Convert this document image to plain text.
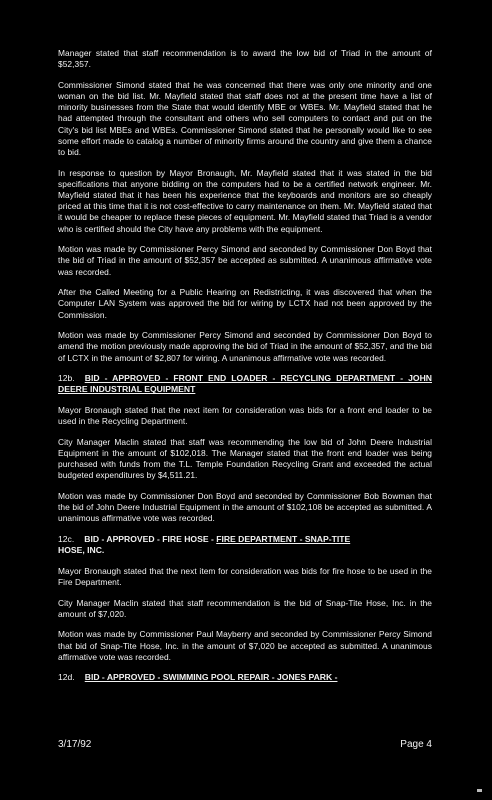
Manager stated that staff recommendation is to award the low bid of Triad in the amount of $52,357.

Commissioner Simond stated that he was concerned that there was only one minority and one woman on the bid list. Mr. Mayfield stated that staff does not at the present time have a list of minority businesses from the State that would identify MBE or WBEs. Mr. Mayfield stated that he had attempted through the consultant and others who sell computers to contact and put on the City's bid list MBEs and WBEs. Commissioner Simond stated that he personally would like to see some effort made to catalog a number of minority firms around the country and give them a chance to bid.

In response to question by Mayor Bronaugh, Mr. Mayfield stated that it was stated in the bid specifications that anyone bidding on the computers had to be a certified network engineer. Mr. Mayfield stated that it has been his experience that the keyboards and monitors are so cheaply priced at this time that it is not cost-effective to carry maintenance on them. Mr. Mayfield stated that it would be cheaper to replace these pieces of equipment. Mr. Mayfield stated that Triad is a vendor who is certified should the City have any problems with the equipment.

Motion was made by Commissioner Percy Simond and seconded by Commissioner Don Boyd that the bid of Triad in the amount of $52,357 be accepted as submitted. A unanimous affirmative vote was recorded.

After the Called Meeting for a Public Hearing on Redistricting, it was discovered that when the Computer LAN System was approved the bid for wiring by LCTX had not been approved by the Commission.

Motion was made by Commissioner Percy Simond and seconded by Commissioner Don Boyd to amend the motion previously made approving the bid of Triad in the amount of $52,357, and the bid of LCTX in the amount of $2,807 for wiring. A unanimous affirmative vote was recorded.

12b. BID - APPROVED - FRONT END LOADER - RECYCLING DEPARTMENT - JOHN DEERE INDUSTRIAL EQUIPMENT

Mayor Bronaugh stated that the next item for consideration was bids for a front end loader to be used in the Recycling Department.

City Manager Maclin stated that staff was recommending the low bid of John Deere Industrial Equipment in the amount of $102,018. The Manager stated that the front end loader was being purchased with funds from the T.L. Temple Foundation Recycling Grant and exceeded the actual budgeted expenditures by $4,511.21.

Motion was made by Commissioner Don Boyd and seconded by Commissioner Bob Bowman that the bid of John Deere Industrial Equipment in the amount of $102,108 be accepted as submitted. A unanimous affirmative vote was recorded.

12c. BID - APPROVED - FIRE HOSE - FIRE DEPARTMENT - SNAP-TITE
HOSE, INC.

Mayor Bronaugh stated that the next item for consideration was bids for fire hose to be used in the Fire Department.

City Manager Maclin stated that staff recommendation is the bid of Snap-Tite Hose, Inc. in the amount of $7,020.

Motion was made by Commissioner Paul Mayberry and seconded by Commissioner Percy Simond that bid of Snap-Tite Hose, Inc. in the amount of $7,020 be accepted as submitted. A unanimous affirmative vote was recorded.

12d. BID - APPROVED - SWIMMING POOL REPAIR - JONES PARK -

3/17/92	Page 4
